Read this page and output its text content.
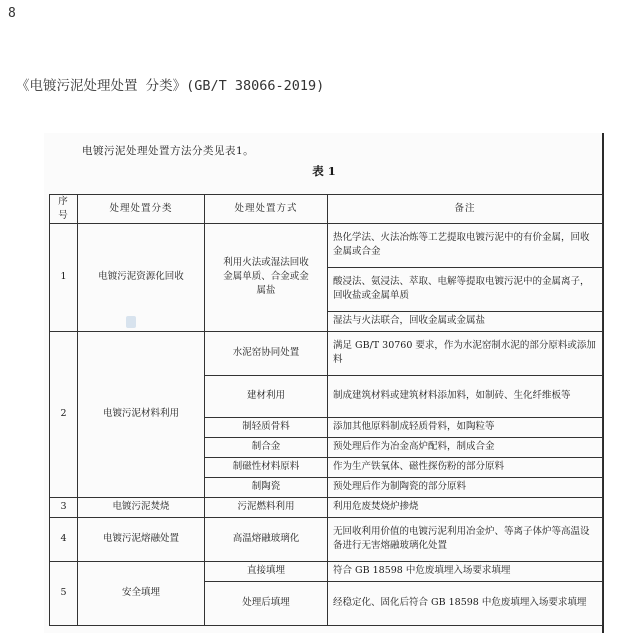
8
《电镀污泥处理处置 分类》(GB/T 38066-2019)
电镀污泥处理处置方法分类见表1。
表 1
序号	处理处置分类	处理处置方式	备注
1	电镀污泥资源化回收	利用火法或湿法回收金属单质、合金或金属盐	热化学法、火法冶炼等工艺提取电镀污泥中的有价金属，回收金属或合金
			酸浸法、氨浸法、萃取、电解等提取电镀污泥中的金属离子，回收盐或金属单质
			湿法与火法联合，回收金属或金属盐
2	电镀污泥材料利用	水泥窑协同处置	满足 GB/T 30760 要求，作为水泥窑制水泥的部分原料或添加料
		建材利用	制成建筑材料或建筑材料添加料，如制砖、生化纤维板等
		制轻质骨料	添加其他原料制成轻质骨料，如陶粒等
		制合金	预处理后作为冶金高炉配料，制成合金
		制磁性材料原料	作为生产铁氧体、磁性探伤粉的部分原料
		制陶瓷	预处理后作为制陶瓷的部分原料
3	电镀污泥焚烧	污泥燃料利用	利用危废焚烧炉掺烧
4	电镀污泥熔融处置	高温熔融玻璃化	无回收利用价值的电镀污泥利用冶金炉、等离子体炉等高温设备进行无害熔融玻璃化处置
5	安全填埋	直接填埋	符合 GB 18598 中危废填埋入场要求填埋
		处理后填埋	经稳定化、固化后符合 GB 18598 中危废填埋入场要求填埋
